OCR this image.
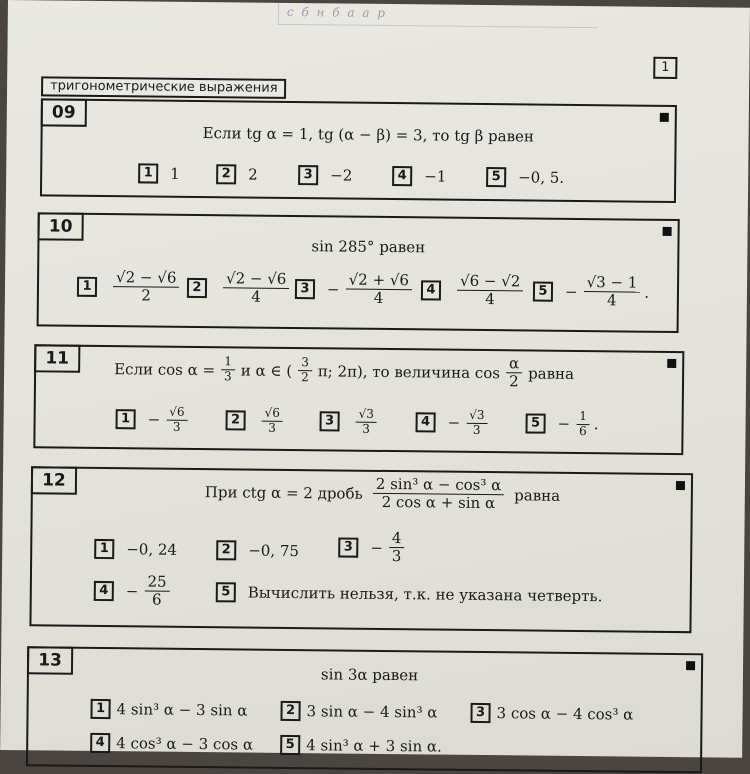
с б н б а а р
1
тригонометрические выражения
09
Если tg α = 1, tg (α − β) = 3, то tg β равен
1	1	2	2	3	−2	4	−1	5	−0, 5.
10
sin 285° равен
1	$\frac{√2 - √6}{2} 2$	$\frac{√2 - √6}{4} 3$	− $\frac{√2 + √6}{4}$	4	$\frac{√6 - √2}{4}$	5	− $\frac{√3 - 1}{4}$ .
11
Если $\cos \alpha = \frac{1}{3}$ и α ∈ ( $\frac{3}{2} \pi$; 2π), то величина $\cos \frac{\alpha}{2}$ равна
1	− $\frac{√6}{3}$	2	$\frac{√6}{3}$	3	$\frac{√3}{3}$	4	− $\frac{√3}{3}$	5	− $\frac{1}{6}$ .
12
При ctg α = 2 дробь $\frac{\text{2 sin³ α − cos³ α}}{\text{2 cos α + sin α}}$ равна
1	−0, 24	2	−0, 75	3	− $\frac{4}{3}$
4	− $\frac{25}{6}$	5	Вычислить нельзя, т.к. не указана четверть.
13
sin 3α равен
1 4 sin³ α − 3 sin α	2 3 sin α − 4 sin³ α	3 3 cos α − 4 cos³ α
4 4 cos³ α − 3 cos α	5 4 sin³ α + 3 sin α.
